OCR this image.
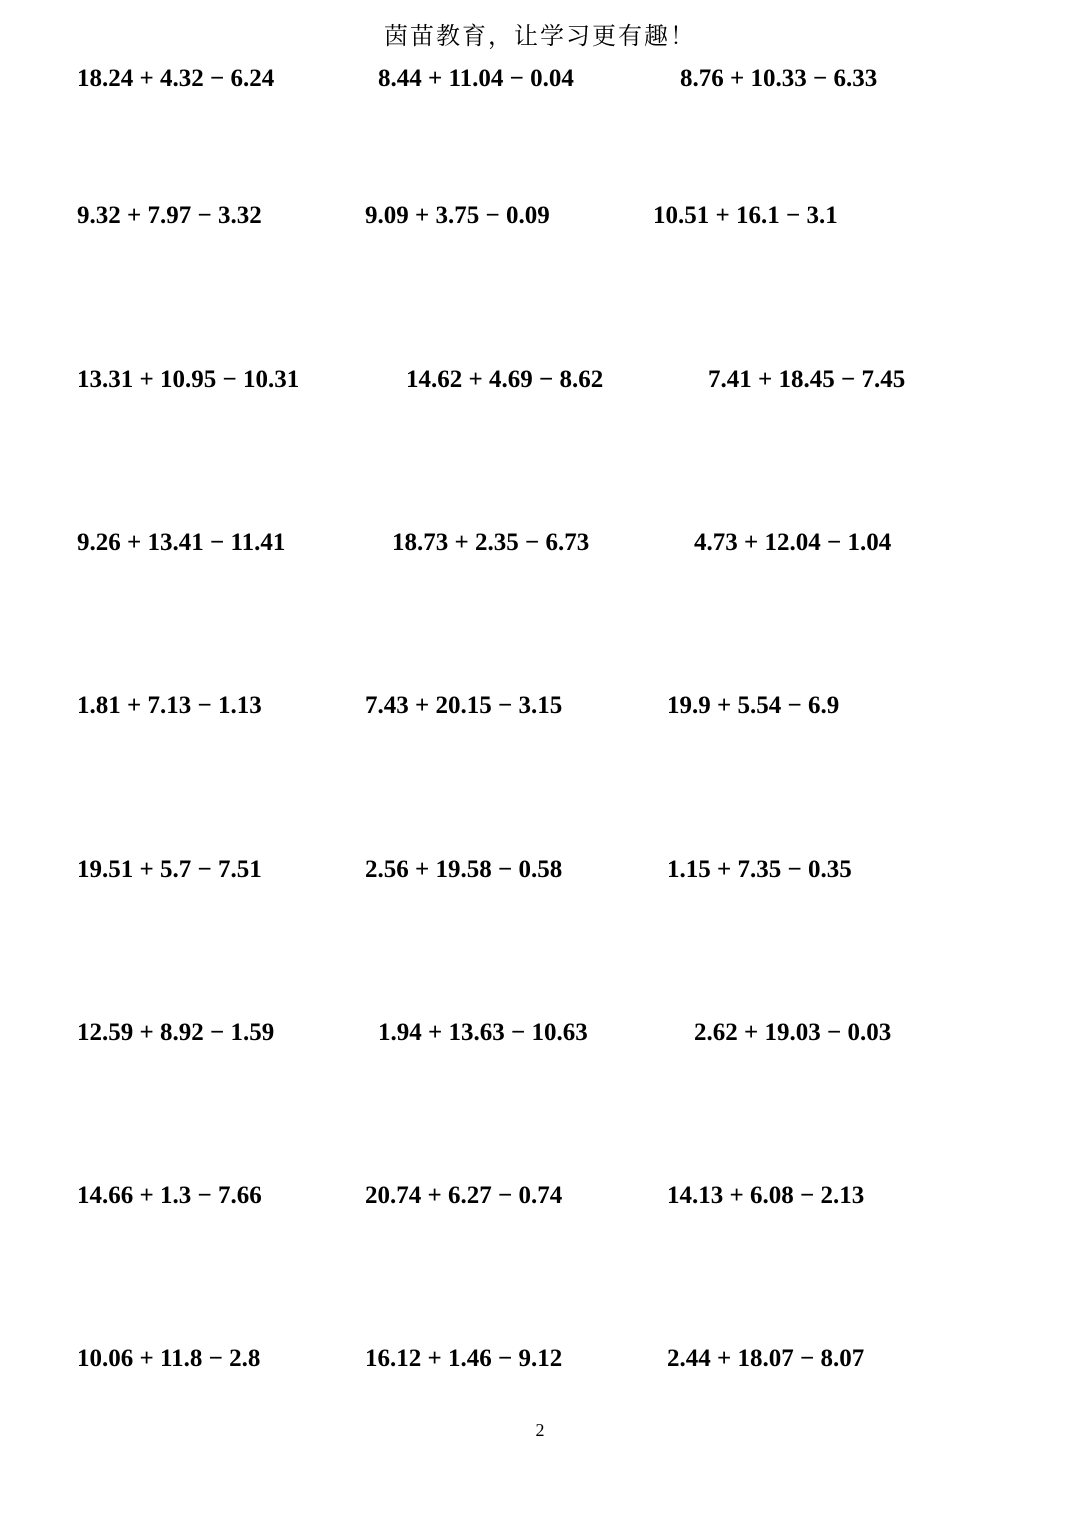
茵苗教育，让学习更有趣！
18.24 + 4.32 − 6.24	8.44 + 11.04 − 0.04	8.76 + 10.33 − 6.33
9.32 + 7.97 − 3.32	9.09 + 3.75 − 0.09	10.51 + 16.1 − 3.1
13.31 + 10.95 − 10.31	14.62 + 4.69 − 8.62	7.41 + 18.45 − 7.45
9.26 + 13.41 − 11.41	18.73 + 2.35 − 6.73	4.73 + 12.04 − 1.04
1.81 + 7.13 − 1.13	7.43 + 20.15 − 3.15	19.9 + 5.54 − 6.9
19.51 + 5.7 − 7.51	2.56 + 19.58 − 0.58	1.15 + 7.35 − 0.35
12.59 + 8.92 − 1.59	1.94 + 13.63 − 10.63	2.62 + 19.03 − 0.03
14.66 + 1.3 − 7.66	20.74 + 6.27 − 0.74	14.13 + 6.08 − 2.13
10.06 + 11.8 − 2.8	16.12 + 1.46 − 9.12	2.44 + 18.07 − 8.07
2
